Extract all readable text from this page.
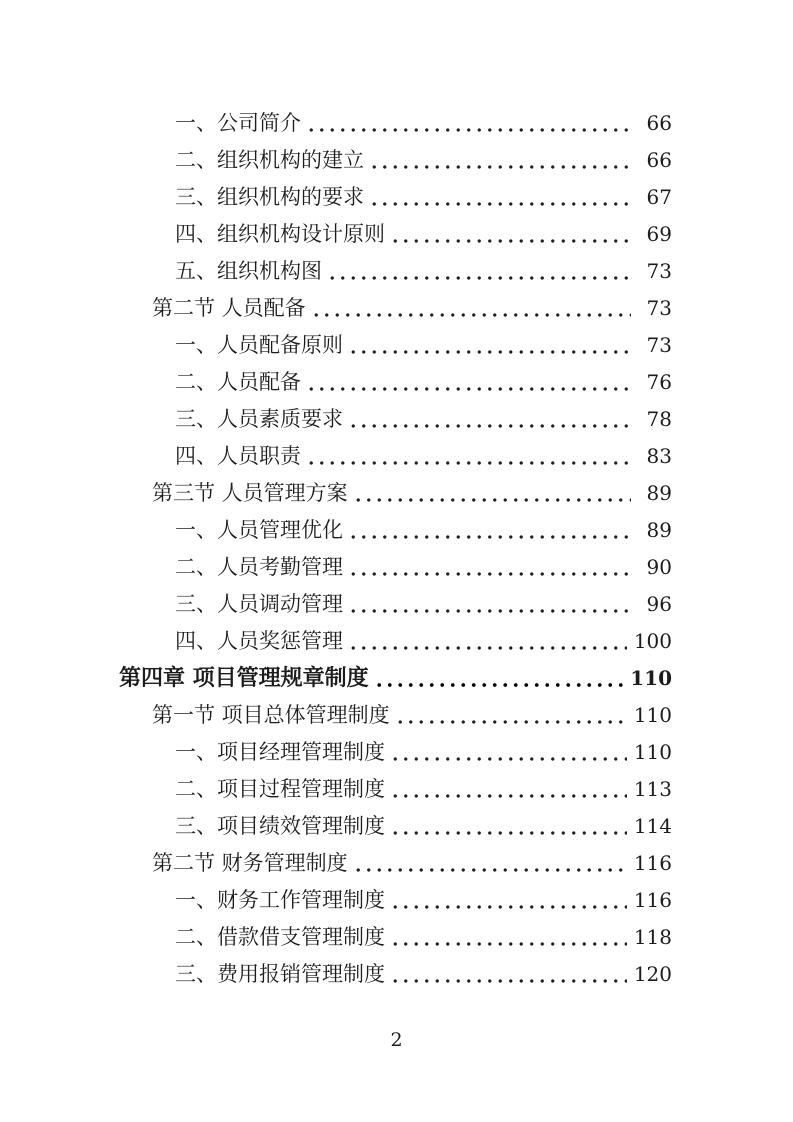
一、公司简介	66
二、组织机构的建立	66
三、组织机构的要求	67
四、组织机构设计原则	69
五、组织机构图	73
第二节 人员配备	73
一、人员配备原则	73
二、人员配备	76
三、人员素质要求	78
四、人员职责	83
第三节 人员管理方案	89
一、人员管理优化	89
二、人员考勤管理	90
三、人员调动管理	96
四、人员奖惩管理	100
第四章 项目管理规章制度	110
第一节 项目总体管理制度	110
一、项目经理管理制度	110
二、项目过程管理制度	113
三、项目绩效管理制度	114
第二节 财务管理制度	116
一、财务工作管理制度	116
二、借款借支管理制度	118
三、费用报销管理制度	120
2
